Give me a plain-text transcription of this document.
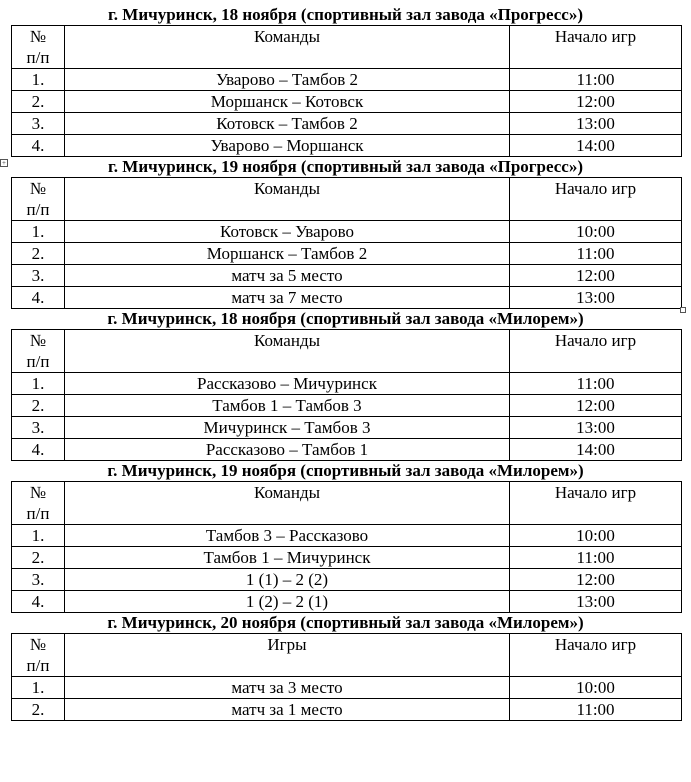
г. Мичуринск, 18 ноября (спортивный зал завода «Прогресс»)
№
п/п	Команды	Начало игр
1.	Уварово – Тамбов 2	11:00
2.	Моршанск – Котовск	12:00
3.	Котовск – Тамбов 2	13:00
4.	Уварово – Моршанск	14:00
+	г. Мичуринск, 19 ноября (спортивный зал завода «Прогресс»)
№
п/п	Команды	Начало игр
1.	Котовск – Уварово	10:00
2.	Моршанск – Тамбов 2	11:00
3.	матч за 5 место	12:00
4.	матч за 7 место	13:00
г. Мичуринск, 18 ноября (спортивный зал завода «Милорем»)
№
п/п	Команды	Начало игр
1.	Рассказово – Мичуринск	11:00
2.	Тамбов 1 – Тамбов 3	12:00
3.	Мичуринск – Тамбов 3	13:00
4.	Рассказово – Тамбов 1	14:00
г. Мичуринск, 19 ноября (спортивный зал завода «Милорем»)
№
п/п	Команды	Начало игр
1.	Тамбов 3 – Рассказово	10:00
2.	Тамбов 1 – Мичуринск	11:00
3.	1 (1) – 2 (2)	12:00
4.	1 (2) – 2 (1)	13:00
г. Мичуринск, 20 ноября (спортивный зал завода «Милорем»)
№
п/п	Игры	Начало игр
1.	матч за 3 место	10:00
2.	матч за 1 место	11:00
